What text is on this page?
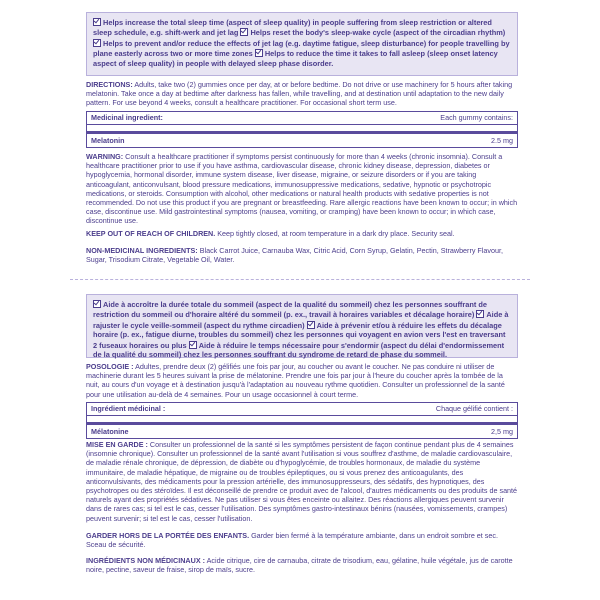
Helps increase the total sleep time (aspect of sleep quality) in people suffering from sleep restriction or altered sleep schedule, e.g. shift-werk and jet lag Helps reset the body's sleep-wake cycle (aspect of the circadian rhythm) Helps to prevent and/or reduce the effects of jet lag (e.g. daytime fatigue, sleep disturbance) for people travelling by plane easterly across two or more time zones Helps to reduce the time it takes to fall asleep (sleep onset latency aspect of sleep quality) in people with delayed sleep phase disorder.
DIRECTIONS: Adults, take two (2) gummies once per day, at or before bedtime. Do not drive or use machinery for 5 hours after taking melatonin. Take once a day at bedtime after darkness has fallen, while travelling, and at destination until adaptation to the new daily pattern. For use beyond 4 weeks, consult a healthcare practitioner. For occasional short term use.
Medicinal ingredient:	Each gummy contains:
Melatonin	2.5 mg
WARNING: Consult a healthcare practitioner if symptoms persist continuously for more than 4 weeks (chronic insomnia). Consult a healthcare practitioner prior to use if you have asthma, cardiovascular disease, chronic kidney disease, depression, diabetes or hypoglycemia, hormonal disorder, immune system disease, liver disease, migraine, or seizure disorders or if you are taking anticoagulant, anticonvulsant, blood pressure medications, immunosuppressive medications, sedative, hypnotic or psychotropic medications, or steroids. Consumption with alcohol, other medications or natural health products with sedative properties is not recommended. Do not use this product if you are pregnant or breastfeeding. Rare allergic reactions have been known to occur; in which case, discontinue use. Mild gastrointestinal symptoms (nausea, vomiting, or cramping) have been known to occur; in which case, discontinue use.
KEEP OUT OF REACH OF CHILDREN. Keep tightly closed, at room temperature in a dark dry place. Security seal.
NON-MEDICINAL INGREDIENTS: Black Carrot Juice, Carnauba Wax, Citric Acid, Corn Syrup, Gelatin, Pectin, Strawberry Flavour, Sugar, Trisodium Citrate, Vegetable Oil, Water.
Aide à accroître la durée totale du sommeil (aspect de la qualité du sommeil) chez les personnes souffrant de restriction du sommeil ou d'horaire altéré du sommeil (p. ex., travail à horaires variables et décalage horaire) Aide à rajuster le cycle veille-sommeil (aspect du rythme circadien) Aide à prévenir et/ou à réduire les effets du décalage horaire (p. ex., fatigue diurne, troubles du sommeil) chez les personnes qui voyagent en avion vers l'est en traversant 2 fuseaux horaires ou plus Aide à réduire le temps nécessaire pour s'endormir (aspect du délai d'endormissement de la qualité du sommeil) chez les personnes souffrant du syndrome de retard de phase du sommeil.
POSOLOGIE : Adultes, prendre deux (2) gélifiés une fois par jour, au coucher ou avant le coucher. Ne pas conduire ni utiliser de machinerie durant les 5 heures suivant la prise de mélatonine. Prendre une fois par jour à l'heure du coucher après la tombée de la nuit, au cours d'un voyage et à destination jusqu'à l'adaptation au nouveau rythme quotidien. Consulter un professionnel de la santé pour une utilisation au-delà de 4 semaines. Pour un usage occasionnel à court terme.
Ingrédient médicinal :	Chaque gélifié contient :
Mélatonine	2,5 mg
MISE EN GARDE : Consulter un professionnel de la santé si les symptômes persistent de façon continue pendant plus de 4 semaines (insomnie chronique). Consulter un professionnel de la santé avant l'utilisation si vous souffrez d'asthme, de maladie cardiovasculaire, de maladie rénale chronique, de dépression, de diabète ou d'hypoglycémie, de troubles hormonaux, de maladie du système immunitaire, de maladie hépatique, de migraine ou de troubles épileptiques, ou si vous prenez des anticoagulants, des anticonvulsivants, des médicaments pour la pression artérielle, des immunosuppresseurs, des sédatifs, des hypnotiques, des psychotropes ou des stéroïdes. Il est déconseillé de prendre ce produit avec de l'alcool, d'autres médicaments ou des produits de santé naturels ayant des propriétés sédatives. Ne pas utiliser si vous êtes enceinte ou allaitez. Des réactions allergiques peuvent survenir dans de rares cas; si tel est le cas, cesser l'utilisation. Des symptômes gastro-intestinaux bénins (nausées, vomissements, crampes) peuvent survenir; si tel est le cas, cesser l'utilisation.
GARDER HORS DE LA PORTÉE DES ENFANTS. Garder bien fermé à la température ambiante, dans un endroit sombre et sec. Sceau de sécurité.
INGRÉDIENTS NON MÉDICINAUX : Acide citrique, cire de carnauba, citrate de trisodium, eau, gélatine, huile végétale, jus de carotte noire, pectine, saveur de fraise, sirop de maïs, sucre.
